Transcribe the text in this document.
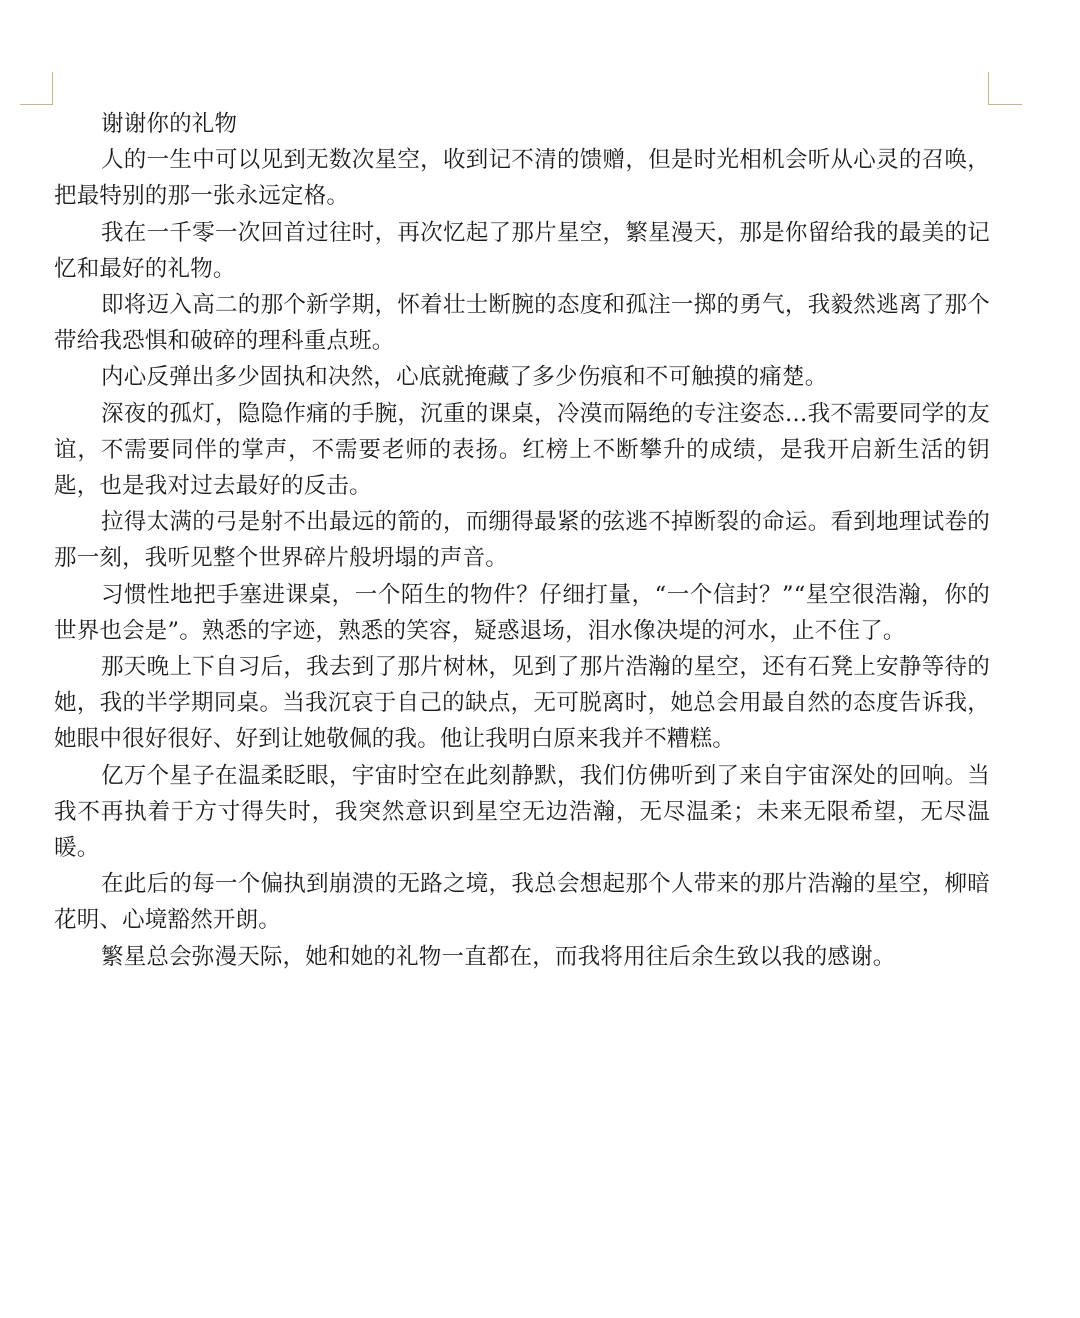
谢谢你的礼物

人的一生中可以见到无数次星空，收到记不清的馈赠，但是时光相机会听从心灵的召唤，把最特别的那一张永远定格。

我在一千零一次回首过往时，再次忆起了那片星空，繁星漫天，那是你留给我的最美的记忆和最好的礼物。

即将迈入高二的那个新学期，怀着壮士断腕的态度和孤注一掷的勇气，我毅然逃离了那个带给我恐惧和破碎的理科重点班。

内心反弹出多少固执和决然，心底就掩藏了多少伤痕和不可触摸的痛楚。

深夜的孤灯，隐隐作痛的手腕，沉重的课桌，冷漠而隔绝的专注姿态…我不需要同学的友谊，不需要同伴的掌声，不需要老师的表扬。红榜上不断攀升的成绩，是我开启新生活的钥匙，也是我对过去最好的反击。

拉得太满的弓是射不出最远的箭的，而绷得最紧的弦逃不掉断裂的命运。看到地理试卷的那一刻，我听见整个世界碎片般坍塌的声音。

习惯性地把手塞进课桌，一个陌生的物件？仔细打量，“一个信封？”“星空很浩瀚，你的世界也会是”。熟悉的字迹，熟悉的笑容，疑惑退场，泪水像决堤的河水，止不住了。

那天晚上下自习后，我去到了那片树林，见到了那片浩瀚的星空，还有石凳上安静等待的她，我的半学期同桌。当我沉哀于自己的缺点，无可脱离时，她总会用最自然的态度告诉我，她眼中很好很好、好到让她敬佩的我。他让我明白原来我并不糟糕。

亿万个星子在温柔眨眼，宇宙时空在此刻静默，我们仿佛听到了来自宇宙深处的回响。当我不再执着于方寸得失时，我突然意识到星空无边浩瀚，无尽温柔；未来无限希望，无尽温暖。

在此后的每一个偏执到崩溃的无路之境，我总会想起那个人带来的那片浩瀚的星空，柳暗花明、心境豁然开朗。

繁星总会弥漫天际，她和她的礼物一直都在，而我将用往后余生致以我的感谢。
